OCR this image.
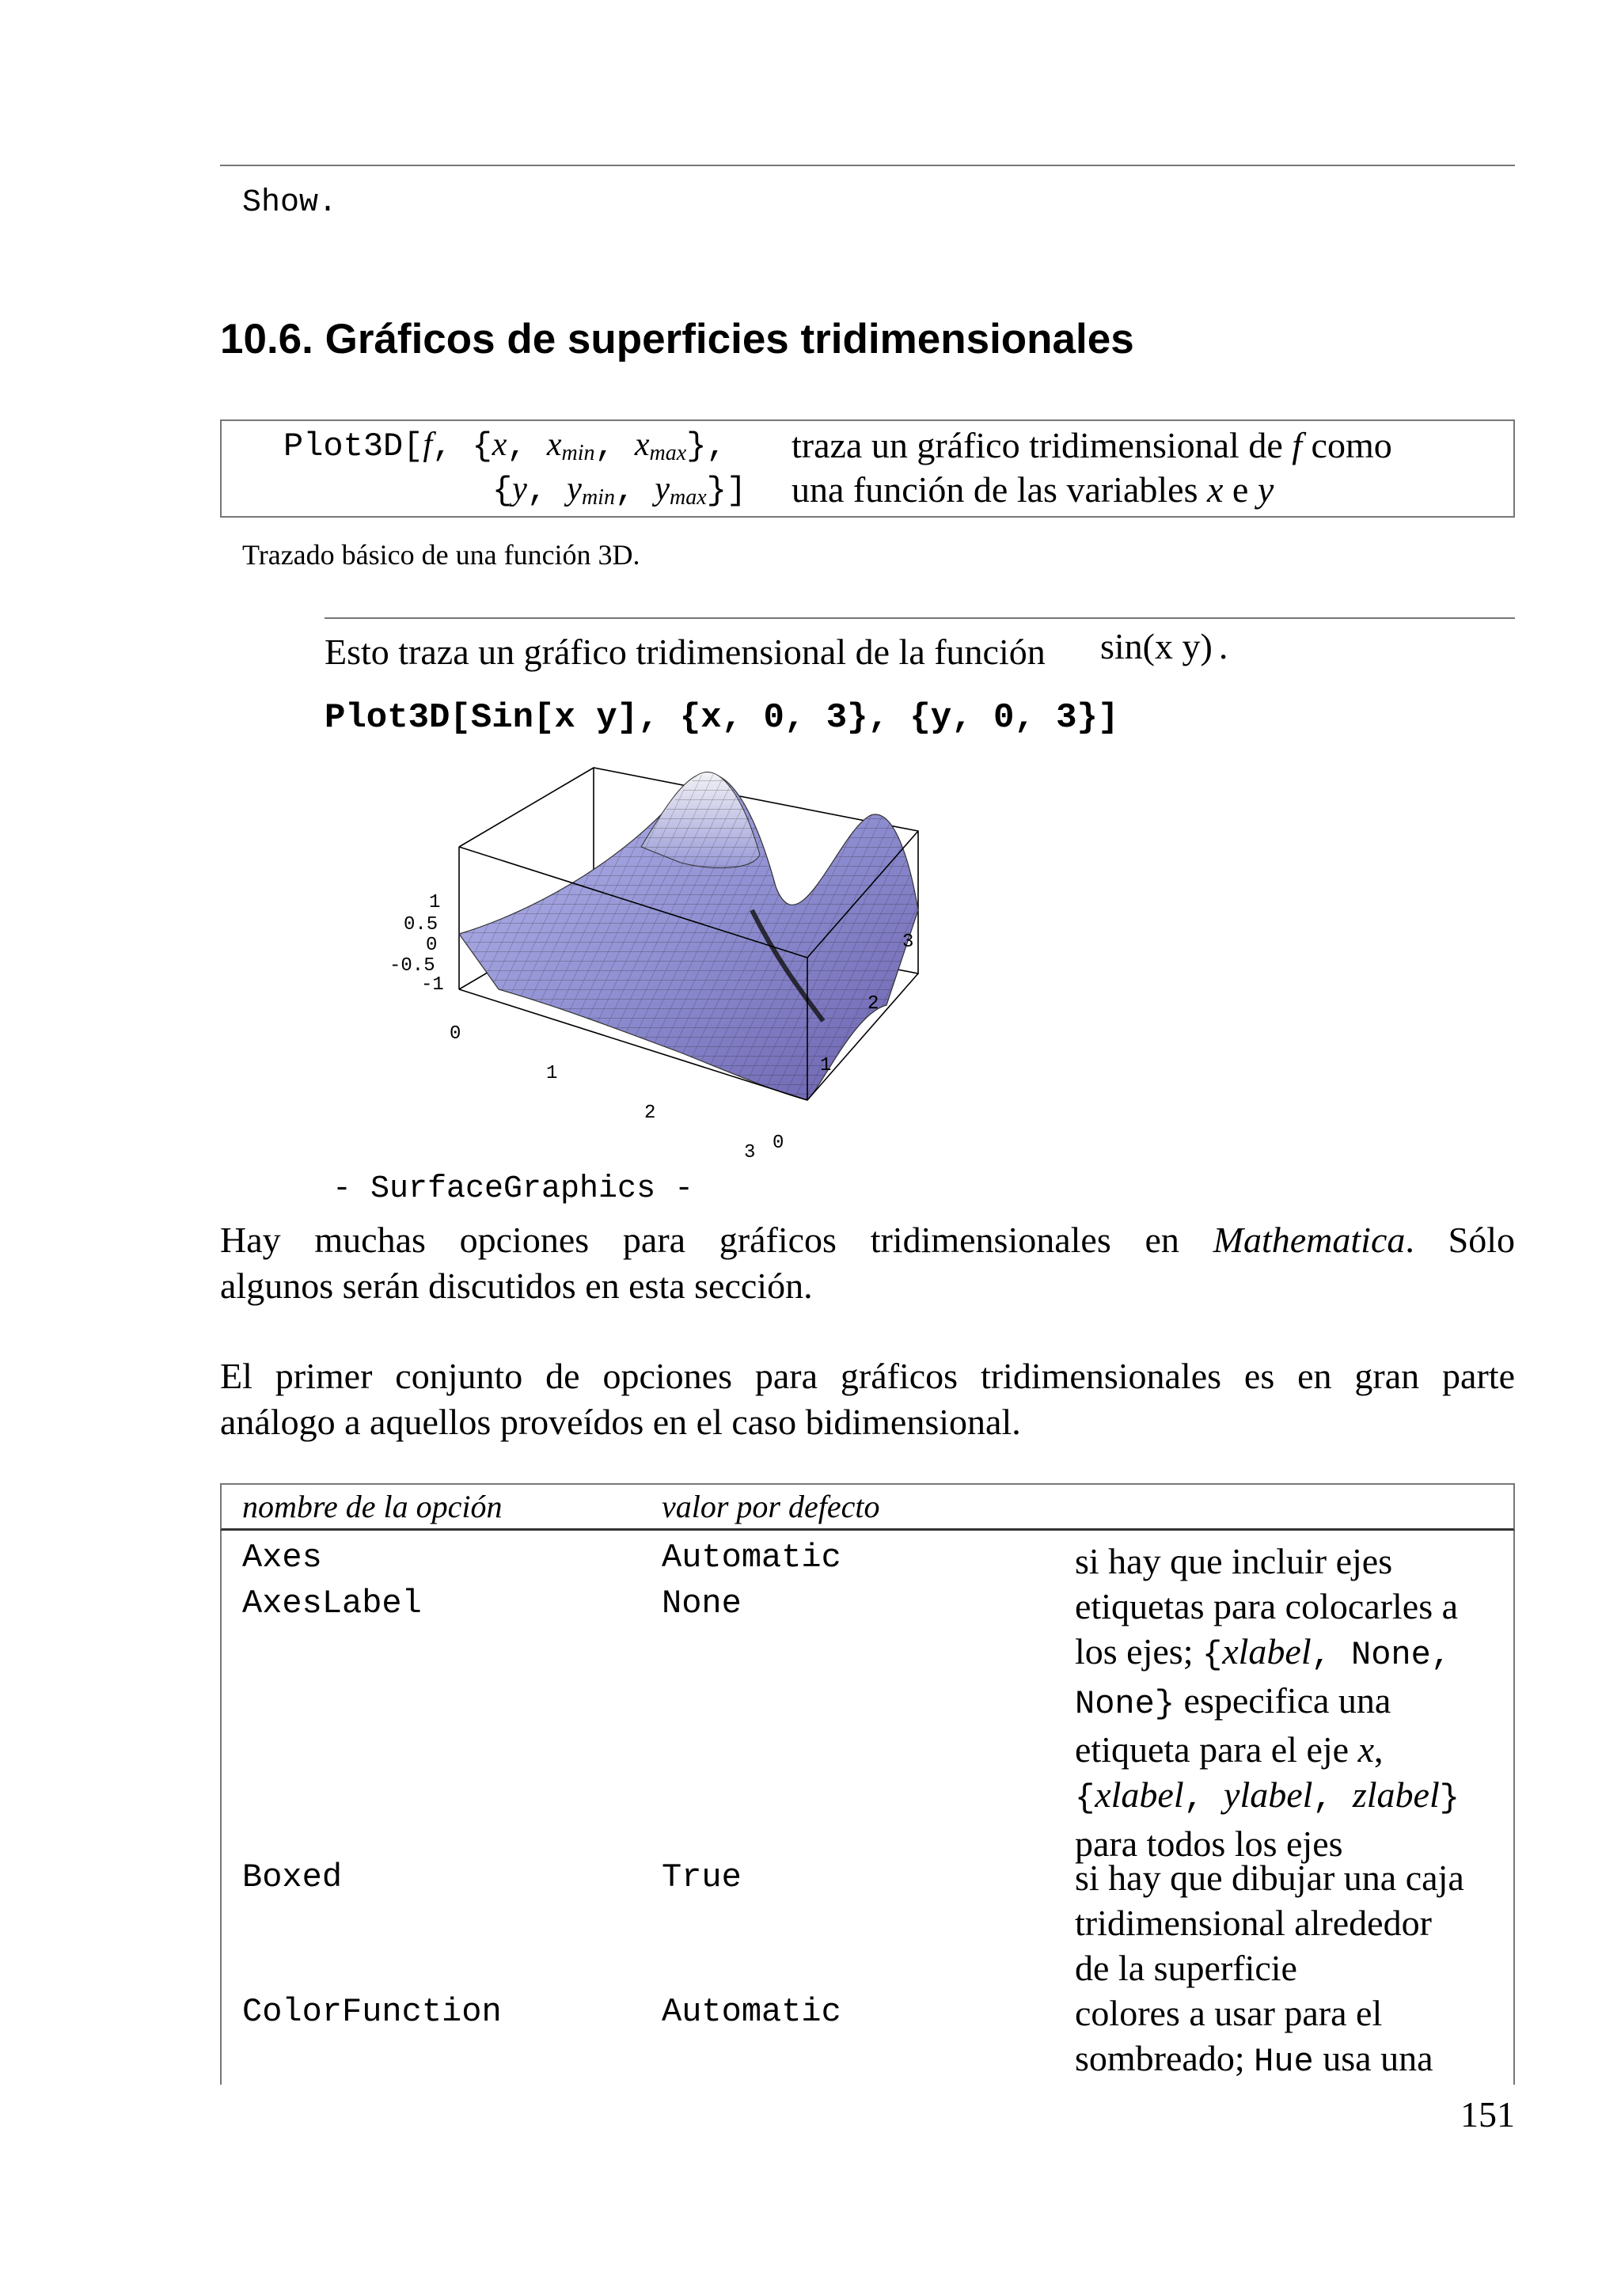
Show.
10.6. Gráficos de superficies tridimensionales
Plot3D[f, {x, $x_{min}$, $x_{max}$},
{y, $y_{min}$, $y_{max}$}]
traza un gráfico tridimensional de f como
una función de las variables x e y
Trazado básico de una función 3D.
Esto traza un gráfico tridimensional de la función sin(x y) .
Plot3D[Sin[x y], {x, 0, 3}, {y, 0, 3}]
1
0.5
0
-0.5
-1
0
1
2
3 0
1
2
3
- SurfaceGraphics -
Hay muchas opciones para gráficos tridimensionales en Mathematica. Sólo
algunos serán discutidos en esta sección.
El primer conjunto de opciones para gráficos tridimensionales es en gran parte
análogo a aquellos proveídos en el caso bidimensional.
nombre de la opción	valor por defecto
Axes	Automatic	si hay que incluir ejes
AxesLabel	None	etiquetas para colocarles a
los ejes; {xlabel, None,
None} especifica una
etiqueta para el eje x,
{xlabel, ylabel, zlabel}
para todos los ejes
Boxed	True	si hay que dibujar una caja
tridimensional alrededor
de la superficie
ColorFunction	Automatic	colores a usar para el
sombreado; Hue usa una
151
